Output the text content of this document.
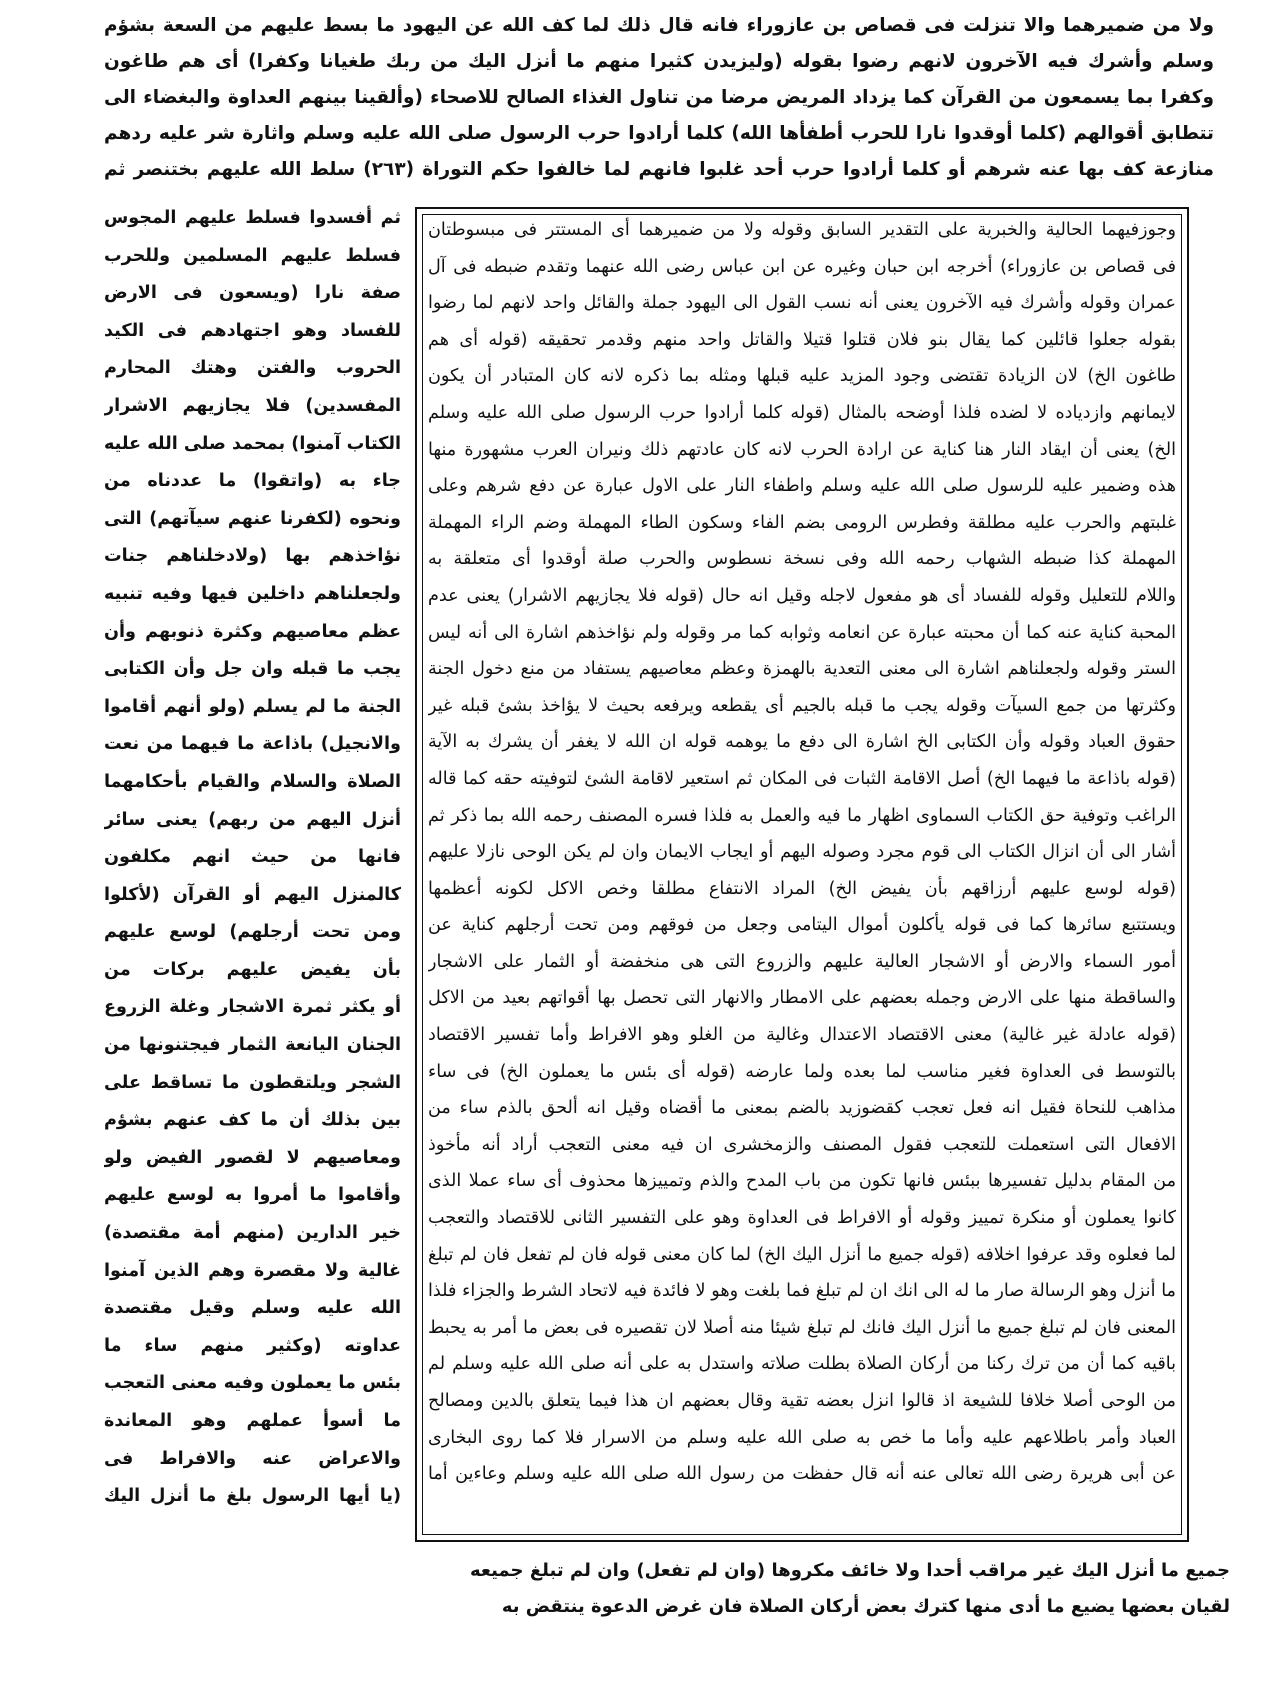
ولا من ضميرهما والا تنزلت فى قصاص بن عازوراء فانه قال ذلك لما كف الله عن اليهود ما بسط عليهم من السعة بشؤم
وسلم وأشرك فيه الآخرون لانهم رضوا بقوله (وليزيدن كثيرا منهم ما أنزل اليك من ربك طغيانا وكفرا) أى هم طاغون
وكفرا بما يسمعون من القرآن كما يزداد المريض مرضا من تناول الغذاء الصالح للاصحاء (وألقينا بينهم العداوة والبغضاء الى
تتطابق أقوالهم (كلما أوقدوا نارا للحرب أطفأها الله) كلما أرادوا حرب الرسول صلى الله عليه وسلم واثارة شر عليه ردهم
منازعة كف بها عنه شرهم أو كلما أرادوا حرب أحد غلبوا فانهم لما خالفوا حكم التوراة (٢٦٣) سلط الله عليهم بختنصر ثم
وجوزفيهما الحالية والخبرية على التقدير السابق وقوله ولا من ضميرهما أى المستتر فى مبسوطتان
فى قصاص بن عازوراء) أخرجه ابن حبان وغيره عن ابن عباس رضى الله عنهما وتقدم ضبطه فى آل
عمران وقوله وأشرك فيه الآخرون يعنى أنه نسب القول الى اليهود جملة والقائل واحد لانهم لما رضوا
بقوله جعلوا قائلين كما يقال بنو فلان قتلوا قتيلا والقاتل واحد منهم وقدمر تحقيقه (قوله أى هم
طاغون الخ) لان الزيادة تقتضى وجود المزيد عليه قبلها ومثله بما ذكره لانه كان المتبادر أن يكون
لايمانهم وازدياده لا لضده فلذا أوضحه بالمثال (قوله كلما أرادوا حرب الرسول صلى الله عليه وسلم
الخ) يعنى أن ايقاد النار هنا كناية عن ارادة الحرب لانه كان عادتهم ذلك ونيران العرب مشهورة منها
هذه وضمير عليه للرسول صلى الله عليه وسلم واطفاء النار على الاول عبارة عن دفع شرهم وعلى
غلبتهم والحرب عليه مطلقة وفطرس الرومى بضم الفاء وسكون الطاء المهملة وضم الراء المهملة
المهملة كذا ضبطه الشهاب رحمه الله وفى نسخة نسطوس والحرب صلة أوقدوا أى متعلقة به
واللام للتعليل وقوله للفساد أى هو مفعول لاجله وقيل انه حال (قوله فلا يجازيهم الاشرار) يعنى عدم
المحبة كناية عنه كما أن محبته عبارة عن انعامه وثوابه كما مر وقوله ولم نؤاخذهم اشارة الى أنه ليس
الستر وقوله ولجعلناهم اشارة الى معنى التعدية بالهمزة وعظم معاصيهم يستفاد من منع دخول الجنة
وكثرتها من جمع السيآت وقوله يجب ما قبله بالجيم أى يقطعه ويرفعه بحيث لا يؤاخذ بشئ قبله غير
حقوق العباد وقوله وأن الكتابى الخ اشارة الى دفع ما يوهمه قوله ان الله لا يغفر أن يشرك به الآية
(قوله باذاعة ما فيهما الخ) أصل الاقامة الثبات فى المكان ثم استعير لاقامة الشئ لتوفيته حقه كما قاله
الراغب وتوفية حق الكتاب السماوى اظهار ما فيه والعمل به فلذا فسره المصنف رحمه الله بما ذكر ثم
أشار الى أن انزال الكتاب الى قوم مجرد وصوله اليهم أو ايجاب الايمان وان لم يكن الوحى نازلا عليهم
(قوله لوسع عليهم أرزاقهم بأن يفيض الخ) المراد الانتفاع مطلقا وخص الاكل لكونه أعظمها
ويستتبع سائرها كما فى قوله يأكلون أموال اليتامى وجعل من فوقهم ومن تحت أرجلهم كناية عن
أمور السماء والارض أو الاشجار العالية عليهم والزروع التى هى منخفضة أو الثمار على الاشجار
والساقطة منها على الارض وجمله بعضهم على الامطار والانهار التى تحصل بها أقواتهم بعيد من الاكل
(قوله عادلة غير غالية) معنى الاقتصاد الاعتدال وغالية من الغلو وهو الافراط وأما تفسير الاقتصاد
بالتوسط فى العداوة فغير مناسب لما بعده ولما عارضه (قوله أى بئس ما يعملون الخ) فى ساء
مذاهب للنحاة فقيل انه فعل تعجب كقضوزيد بالضم بمعنى ما أقضاه وقيل انه ألحق بالذم ساء من
الافعال التى استعملت للتعجب فقول المصنف والزمخشرى ان فيه معنى التعجب أراد أنه مأخوذ
من المقام بدليل تفسيرها ببئس فانها تكون من باب المدح والذم وتمييزها محذوف أى ساء عملا الذى
كانوا يعملون أو منكرة تمييز وقوله أو الافراط فى العداوة وهو على التفسير الثانى للاقتصاد والتعجب
لما فعلوه وقد عرفوا اخلافه (قوله جميع ما أنزل اليك الخ) لما كان معنى قوله فان لم تفعل فان لم تبلغ
ما أنزل وهو الرسالة صار ما له الى انك ان لم تبلغ فما بلغت وهو لا فائدة فيه لاتحاد الشرط والجزاء فلذا
المعنى فان لم تبلغ جميع ما أنزل اليك فانك لم تبلغ شيئا منه أصلا لان تقصيره فى بعض ما أمر به يحبط
باقيه كما أن من ترك ركنا من أركان الصلاة بطلت صلاته واستدل به على أنه صلى الله عليه وسلم لم
من الوحى أصلا خلافا للشيعة اذ قالوا انزل بعضه تقية وقال بعضهم ان هذا فيما يتعلق بالدين ومصالح
العباد وأمر باطلاعهم عليه وأما ما خص به صلى الله عليه وسلم من الاسرار فلا كما روى البخارى
عن أبى هريرة رضى الله تعالى عنه أنه قال حفظت من رسول الله صلى الله عليه وسلم وعاءين أما
ثم أفسدوا فسلط عليهم المجوس
فسلط عليهم المسلمين وللحرب
صفة نارا (ويسعون فى الارض
للفساد وهو اجتهادهم فى الكيد
الحروب والفتن وهتك المحارم
المفسدين) فلا يجازيهم الاشرار
الكتاب آمنوا) بمحمد صلى الله عليه
جاء به (واتقوا) ما عددناه من
ونحوه (لكفرنا عنهم سيآتهم) التى
نؤاخذهم بها (ولادخلناهم جنات
ولجعلناهم داخلين فيها وفيه تنبيه
عظم معاصيهم وكثرة ذنوبهم وأن
يجب ما قبله وان جل وأن الكتابى
الجنة ما لم يسلم (ولو أنهم أقاموا
والانجيل) باذاعة ما فيهما من نعت
الصلاة والسلام والقيام بأحكامهما
أنزل اليهم من ربهم) يعنى سائر
فانها من حيث انهم مكلفون
كالمنزل اليهم أو القرآن (لأكلوا
ومن تحت أرجلهم) لوسع عليهم
بأن يفيض عليهم بركات من
أو يكثر ثمرة الاشجار وغلة الزروع
الجنان اليانعة الثمار فيجتنونها من
الشجر ويلتقطون ما تساقط على
بين بذلك أن ما كف عنهم بشؤم
ومعاصيهم لا لقصور الفيض ولو
وأقاموا ما أمروا به لوسع عليهم
خير الدارين (منهم أمة مقتصدة)
غالية ولا مقصرة وهم الذين آمنوا
الله عليه وسلم وقيل مقتصدة
عداوته (وكثير منهم ساء ما
بئس ما يعملون وفيه معنى التعجب
ما أسوأ عملهم وهو المعاندة
والاعراض عنه والافراط فى
(يا أيها الرسول بلغ ما أنزل اليك
جميع ما أنزل اليك غير مراقب أحدا ولا خائف مكروها (وان لم تفعل) وان لم تبلغ جميعه
لقيان بعضها يضيع ما أدى منها كترك بعض أركان الصلاة فان غرض الدعوة ينتقض به
